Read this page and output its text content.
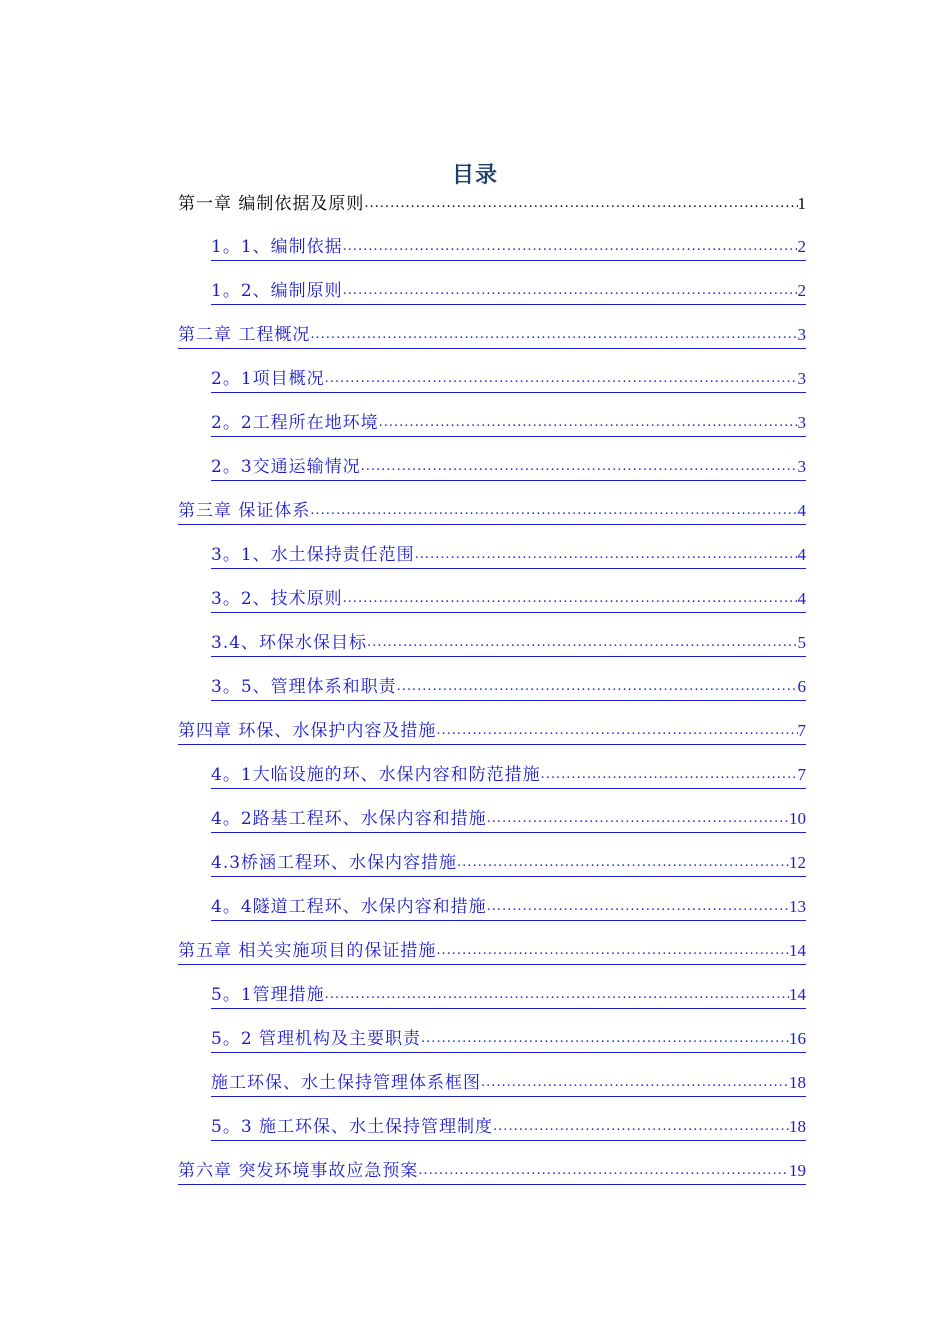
目录
第一章 编制依据及原则 .....	1
1。1、编制依据 .....	2
1。2、编制原则 .....	2
第二章 工程概况 .....	3
2。1项目概况 .....	3
2。2工程所在地环境 .....	3
2。3交通运输情况 .....	3
第三章 保证体系 .....	4
3。1、水土保持责任范围 .....	4
3。2、技术原则 .....	4
3.4、环保水保目标 .....	5
3。5、管理体系和职责 .....	6
第四章 环保、水保护内容及措施 .....	7
4。1大临设施的环、水保内容和防范措施 .....	7
4。2路基工程环、水保内容和措施 .....	10
4.3桥涵工程环、水保内容措施 .....	12
4。4隧道工程环、水保内容和措施 .....	13
第五章 相关实施项目的保证措施 .....	14
5。1管理措施 .....	14
5。2 管理机构及主要职责 .....	16
施工环保、水土保持管理体系框图 .....	18
5。3 施工环保、水土保持管理制度 .....	18
第六章 突发环境事故应急预案 .....	19
